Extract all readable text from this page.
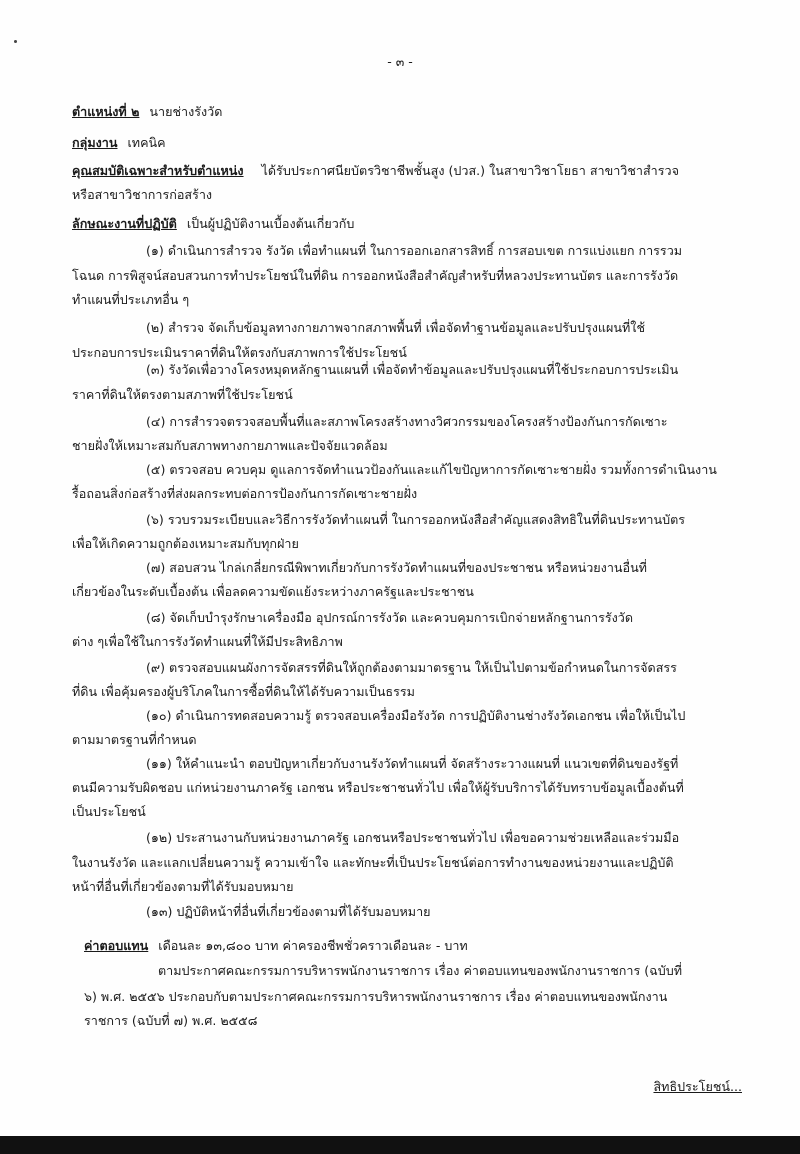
- ๓ -
ตำแหน่งที่ ๒ นายช่างรังวัด
กลุ่มงาน เทคนิค
คุณสมบัติเฉพาะสำหรับตำแหน่ง ได้รับประกาศนียบัตรวิชาชีพชั้นสูง (ปวส.) ในสาขาวิชาโยธา สาขาวิชาสำรวจ
หรือสาขาวิชาการก่อสร้าง
ลักษณะงานที่ปฏิบัติ เป็นผู้ปฏิบัติงานเบื้องต้นเกี่ยวกับ
(๑) ดำเนินการสำรวจ รังวัด เพื่อทำแผนที่ ในการออกเอกสารสิทธิ์ การสอบเขต การแบ่งแยก การรวม
โฉนด การพิสูจน์สอบสวนการทำประโยชน์ในที่ดิน การออกหนังสือสำคัญสำหรับที่หลวงประทานบัตร และการรังวัด
ทำแผนที่ประเภทอื่น ๆ
(๒) สำรวจ จัดเก็บข้อมูลทางกายภาพจากสภาพพื้นที่ เพื่อจัดทำฐานข้อมูลและปรับปรุงแผนที่ใช้
ประกอบการประเมินราคาที่ดินให้ตรงกับสภาพการใช้ประโยชน์
(๓) รังวัดเพื่อวางโครงหมุดหลักฐานแผนที่ เพื่อจัดทำข้อมูลและปรับปรุงแผนที่ใช้ประกอบการประเมิน
ราคาที่ดินให้ตรงตามสภาพที่ใช้ประโยชน์
(๔) การสำรวจตรวจสอบพื้นที่และสภาพโครงสร้างทางวิศวกรรมของโครงสร้างป้องกันการกัดเซาะ
ชายฝั่งให้เหมาะสมกับสภาพทางกายภาพและปัจจัยแวดล้อม
(๕) ตรวจสอบ ควบคุม ดูแลการจัดทำแนวป้องกันและแก้ไขปัญหาการกัดเซาะชายฝั่ง รวมทั้งการดำเนินงาน
รื้อถอนสิ่งก่อสร้างที่ส่งผลกระทบต่อการป้องกันการกัดเซาะชายฝั่ง
(๖) รวบรวมระเบียบและวิธีการรังวัดทำแผนที่ ในการออกหนังสือสำคัญแสดงสิทธิในที่ดินประทานบัตร
เพื่อให้เกิดความถูกต้องเหมาะสมกับทุกฝ่าย
(๗) สอบสวน ไกล่เกลี่ยกรณีพิพาทเกี่ยวกับการรังวัดทำแผนที่ของประชาชน หรือหน่วยงานอื่นที่
เกี่ยวข้องในระดับเบื้องต้น เพื่อลดความขัดแย้งระหว่างภาครัฐและประชาชน
(๘) จัดเก็บบำรุงรักษาเครื่องมือ อุปกรณ์การรังวัด และควบคุมการเบิกจ่ายหลักฐานการรังวัด
ต่าง ๆเพื่อใช้ในการรังวัดทำแผนที่ให้มีประสิทธิภาพ
(๙) ตรวจสอบแผนผังการจัดสรรที่ดินให้ถูกต้องตามมาตรฐาน ให้เป็นไปตามข้อกำหนดในการจัดสรร
ที่ดิน เพื่อคุ้มครองผู้บริโภคในการซื้อที่ดินให้ได้รับความเป็นธรรม
(๑๐) ดำเนินการทดสอบความรู้ ตรวจสอบเครื่องมือรังวัด การปฏิบัติงานช่างรังวัดเอกชน เพื่อให้เป็นไป
ตามมาตรฐานที่กำหนด
(๑๑) ให้คำแนะนำ ตอบปัญหาเกี่ยวกับงานรังวัดทำแผนที่ จัดสร้างระวางแผนที่ แนวเขตที่ดินของรัฐที่
ตนมีความรับผิดชอบ แก่หน่วยงานภาครัฐ เอกชน หรือประชาชนทั่วไป เพื่อให้ผู้รับบริการได้รับทราบข้อมูลเบื้องต้นที่
เป็นประโยชน์
(๑๒) ประสานงานกับหน่วยงานภาครัฐ เอกชนหรือประชาชนทั่วไป เพื่อขอความช่วยเหลือและร่วมมือ
ในงานรังวัด และแลกเปลี่ยนความรู้ ความเข้าใจ และทักษะที่เป็นประโยชน์ต่อการทำงานของหน่วยงานและปฏิบัติ
หน้าที่อื่นที่เกี่ยวข้องตามที่ได้รับมอบหมาย
(๑๓) ปฏิบัติหน้าที่อื่นที่เกี่ยวข้องตามที่ได้รับมอบหมาย
ค่าตอบแทน เดือนละ ๑๓,๘๐๐ บาท ค่าครองชีพชั่วคราวเดือนละ - บาท
ตามประกาศคณะกรรมการบริหารพนักงานราชการ เรื่อง ค่าตอบแทนของพนักงานราชการ (ฉบับที่
๖) พ.ศ. ๒๕๕๖ ประกอบกับตามประกาศคณะกรรมการบริหารพนักงานราชการ เรื่อง ค่าตอบแทนของพนักงาน
ราชการ (ฉบับที่ ๗) พ.ศ. ๒๕๕๘
สิทธิประโยชน์...
